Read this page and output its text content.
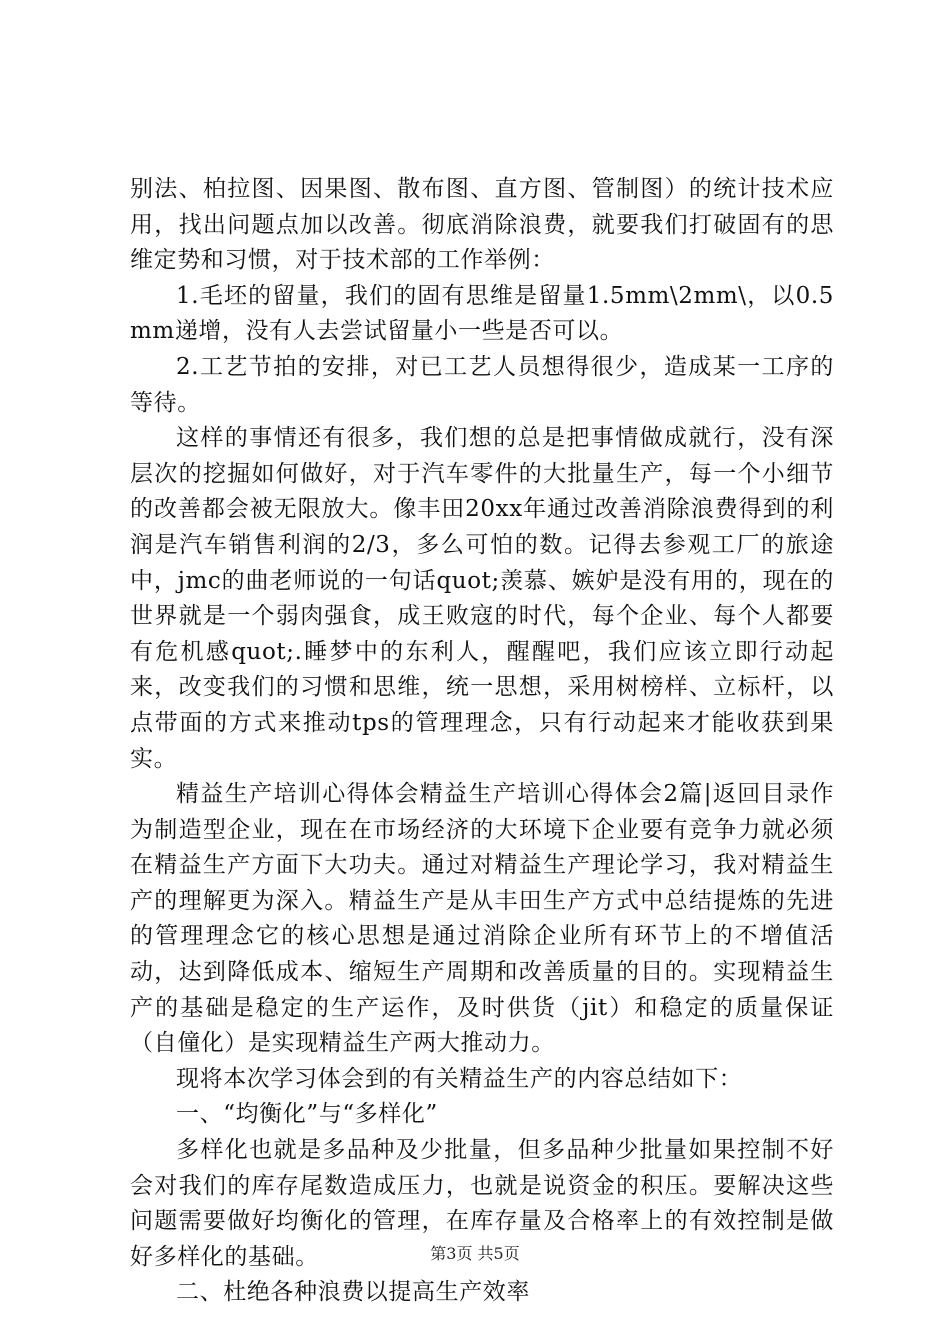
别法、柏拉图、因果图、散布图、直方图、管制图）的统计技术应用，找出问题点加以改善。彻底消除浪费，就要我们打破固有的思维定势和习惯，对于技术部的工作举例：

1.毛坯的留量，我们的固有思维是留量1.5mm\2mm\，以0.5mm递增，没有人去尝试留量小一些是否可以。

2.工艺节拍的安排，对已工艺人员想得很少，造成某一工序的等待。

这样的事情还有很多，我们想的总是把事情做成就行，没有深层次的挖掘如何做好，对于汽车零件的大批量生产，每一个小细节的改善都会被无限放大。像丰田20xx年通过改善消除浪费得到的利润是汽车销售利润的2/3，多么可怕的数。记得去参观工厂的旅途中，jmc的曲老师说的一句话quot;羡慕、嫉妒是没有用的，现在的世界就是一个弱肉强食，成王败寇的时代，每个企业、每个人都要有危机感quot;.睡梦中的东利人，醒醒吧，我们应该立即行动起来，改变我们的习惯和思维，统一思想，采用树榜样、立标杆，以点带面的方式来推动tps的管理理念，只有行动起来才能收获到果实。

精益生产培训心得体会精益生产培训心得体会2篇|返回目录作为制造型企业，现在在市场经济的大环境下企业要有竞争力就必须在精益生产方面下大功夫。通过对精益生产理论学习，我对精益生产的理解更为深入。精益生产是从丰田生产方式中总结提炼的先进的管理理念它的核心思想是通过消除企业所有环节上的不增值活动，达到降低成本、缩短生产周期和改善质量的目的。实现精益生产的基础是稳定的生产运作，及时供货（jit）和稳定的质量保证（自僮化）是实现精益生产两大推动力。

现将本次学习体会到的有关精益生产的内容总结如下：

一、“均衡化”与“多样化”

多样化也就是多品种及少批量，但多品种少批量如果控制不好会对我们的库存尾数造成压力，也就是说资金的积压。要解决这些问题需要做好均衡化的管理，在库存量及合格率上的有效控制是做好多样化的基础。

二、杜绝各种浪费以提高生产效率

第3页 共5页
